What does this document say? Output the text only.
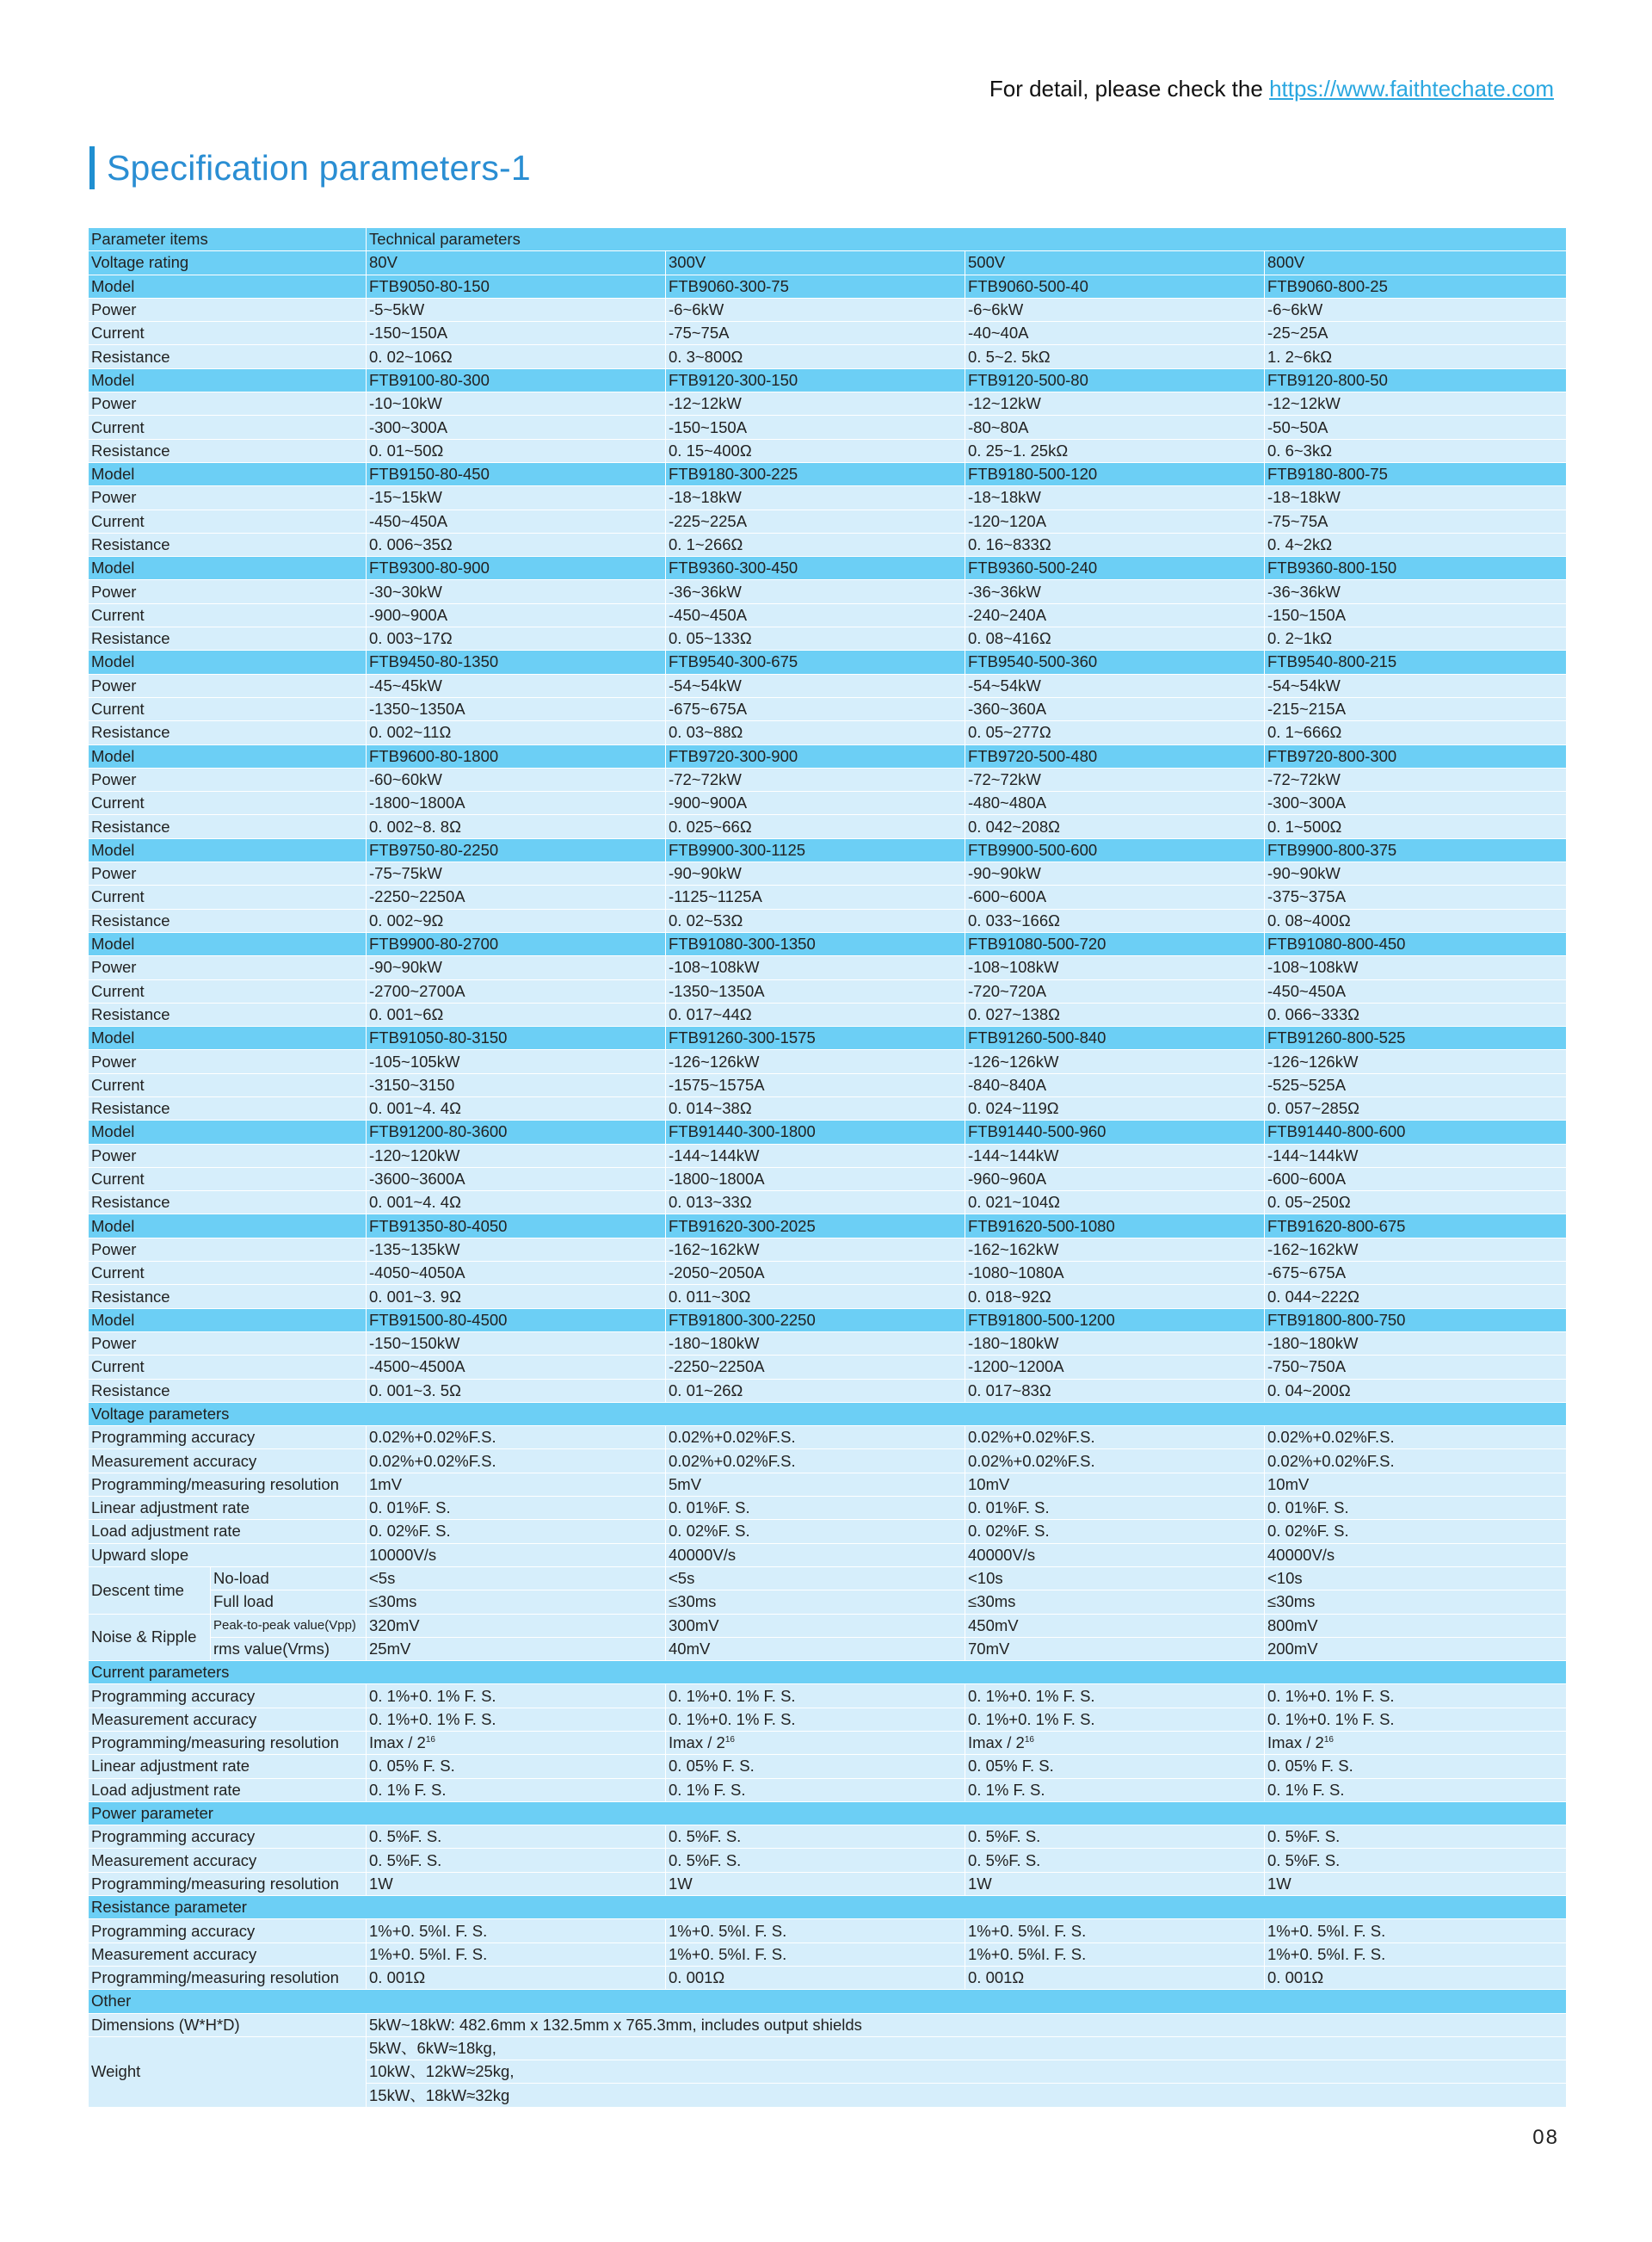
For detail, please check the https://www.faithtechate.com
Specification parameters-1
Parameter items		Technical parameters			
Voltage rating		80V	300V	500V	800V
Model		FTB9050-80-150	FTB9060-300-75	FTB9060-500-40	FTB9060-800-25
Power		-5~5kW	-6~6kW	-6~6kW	-6~6kW
Current		-150~150A	-75~75A	-40~40A	-25~25A
Resistance		0. 02~106Ω	0. 3~800Ω	0. 5~2. 5kΩ	1. 2~6kΩ
Model		FTB9100-80-300	FTB9120-300-150	FTB9120-500-80	FTB9120-800-50
Power		-10~10kW	-12~12kW	-12~12kW	-12~12kW
Current		-300~300A	-150~150A	-80~80A	-50~50A
Resistance		0. 01~50Ω	0. 15~400Ω	0. 25~1. 25kΩ	0. 6~3kΩ
Model		FTB9150-80-450	FTB9180-300-225	FTB9180-500-120	FTB9180-800-75
Power		-15~15kW	-18~18kW	-18~18kW	-18~18kW
Current		-450~450A	-225~225A	-120~120A	-75~75A
Resistance		0. 006~35Ω	0. 1~266Ω	0. 16~833Ω	0. 4~2kΩ
Model		FTB9300-80-900	FTB9360-300-450	FTB9360-500-240	FTB9360-800-150
Power		-30~30kW	-36~36kW	-36~36kW	-36~36kW
Current		-900~900A	-450~450A	-240~240A	-150~150A
Resistance		0. 003~17Ω	0. 05~133Ω	0. 08~416Ω	0. 2~1kΩ
Model		FTB9450-80-1350	FTB9540-300-675	FTB9540-500-360	FTB9540-800-215
Power		-45~45kW	-54~54kW	-54~54kW	-54~54kW
Current		-1350~1350A	-675~675A	-360~360A	-215~215A
Resistance		0. 002~11Ω	0. 03~88Ω	0. 05~277Ω	0. 1~666Ω
Model		FTB9600-80-1800	FTB9720-300-900	FTB9720-500-480	FTB9720-800-300
Power		-60~60kW	-72~72kW	-72~72kW	-72~72kW
Current		-1800~1800A	-900~900A	-480~480A	-300~300A
Resistance		0. 002~8. 8Ω	0. 025~66Ω	0. 042~208Ω	0. 1~500Ω
Model		FTB9750-80-2250	FTB9900-300-1125	FTB9900-500-600	FTB9900-800-375
Power		-75~75kW	-90~90kW	-90~90kW	-90~90kW
Current		-2250~2250A	-1125~1125A	-600~600A	-375~375A
Resistance		0. 002~9Ω	0. 02~53Ω	0. 033~166Ω	0. 08~400Ω
Model		FTB9900-80-2700	FTB91080-300-1350	FTB91080-500-720	FTB91080-800-450
Power		-90~90kW	-108~108kW	-108~108kW	-108~108kW
Current		-2700~2700A	-1350~1350A	-720~720A	-450~450A
Resistance		0. 001~6Ω	0. 017~44Ω	0. 027~138Ω	0. 066~333Ω
Model		FTB91050-80-3150	FTB91260-300-1575	FTB91260-500-840	FTB91260-800-525
Power		-105~105kW	-126~126kW	-126~126kW	-126~126kW
Current		-3150~3150	-1575~1575A	-840~840A	-525~525A
Resistance		0. 001~4. 4Ω	0. 014~38Ω	0. 024~119Ω	0. 057~285Ω
Model		FTB91200-80-3600	FTB91440-300-1800	FTB91440-500-960	FTB91440-800-600
Power		-120~120kW	-144~144kW	-144~144kW	-144~144kW
Current		-3600~3600A	-1800~1800A	-960~960A	-600~600A
Resistance		0. 001~4. 4Ω	0. 013~33Ω	0. 021~104Ω	0. 05~250Ω
Model		FTB91350-80-4050	FTB91620-300-2025	FTB91620-500-1080	FTB91620-800-675
Power		-135~135kW	-162~162kW	-162~162kW	-162~162kW
Current		-4050~4050A	-2050~2050A	-1080~1080A	-675~675A
Resistance		0. 001~3. 9Ω	0. 011~30Ω	0. 018~92Ω	0. 044~222Ω
Model		FTB91500-80-4500	FTB91800-300-2250	FTB91800-500-1200	FTB91800-800-750
Power		-150~150kW	-180~180kW	-180~180kW	-180~180kW
Current		-4500~4500A	-2250~2250A	-1200~1200A	-750~750A
Resistance		0. 001~3. 5Ω	0. 01~26Ω	0. 017~83Ω	0. 04~200Ω
Voltage parameters					
Programming accuracy		0.02%+0.02%F.S.	0.02%+0.02%F.S.	0.02%+0.02%F.S.	0.02%+0.02%F.S.
Measurement accuracy		0.02%+0.02%F.S.	0.02%+0.02%F.S.	0.02%+0.02%F.S.	0.02%+0.02%F.S.
Programming/measuring resolution		1mV	5mV	10mV	10mV
Linear adjustment rate		0. 01%F. S.	0. 01%F. S.	0. 01%F. S.	0. 01%F. S.
Load adjustment rate		0. 02%F. S.	0. 02%F. S.	0. 02%F. S.	0. 02%F. S.
Upward slope		10000V/s	40000V/s	40000V/s	40000V/s
Descent time	No-load	<5s	<5s	<10s	<10s
	Full load	≤30ms	≤30ms	≤30ms	≤30ms
Noise & Ripple	Peak-to-peak value(Vpp)	320mV	300mV	450mV	800mV
	rms value(Vrms)	25mV	40mV	70mV	200mV
Current parameters					
Programming accuracy		0. 1%+0. 1% F. S.	0. 1%+0. 1% F. S.	0. 1%+0. 1% F. S.	0. 1%+0. 1% F. S.
Measurement accuracy		0. 1%+0. 1% F. S.	0. 1%+0. 1% F. S.	0. 1%+0. 1% F. S.	0. 1%+0. 1% F. S.
Programming/measuring resolution		Imax / $2^{16}$	Imax / $2^{16}$	Imax / $2^{16}$	Imax / $2^{16}$
Linear adjustment rate		0. 05% F. S.	0. 05% F. S.	0. 05% F. S.	0. 05% F. S.
Load adjustment rate		0. 1% F. S.	0. 1% F. S.	0. 1% F. S.	0. 1% F. S.
Power parameter					
Programming accuracy		0. 5%F. S.	0. 5%F. S.	0. 5%F. S.	0. 5%F. S.
Measurement accuracy		0. 5%F. S.	0. 5%F. S.	0. 5%F. S.	0. 5%F. S.
Programming/measuring resolution		1W	1W	1W	1W
Resistance parameter					
Programming accuracy		1%+0. 5%I. F. S.	1%+0. 5%I. F. S.	1%+0. 5%I. F. S.	1%+0. 5%I. F. S.
Measurement accuracy		1%+0. 5%I. F. S.	1%+0. 5%I. F. S.	1%+0. 5%I. F. S.	1%+0. 5%I. F. S.
Programming/measuring resolution		0. 001Ω	0. 001Ω	0. 001Ω	0. 001Ω
Other					
Dimensions (W*H*D)		5kW~18kW: 482.6mm x 132.5mm x 765.3mm, includes output shields			
Weight		5kW、6kW≈18kg,			
		10kW、12kW≈25kg,			
		15kW、18kW≈32kg			
08
